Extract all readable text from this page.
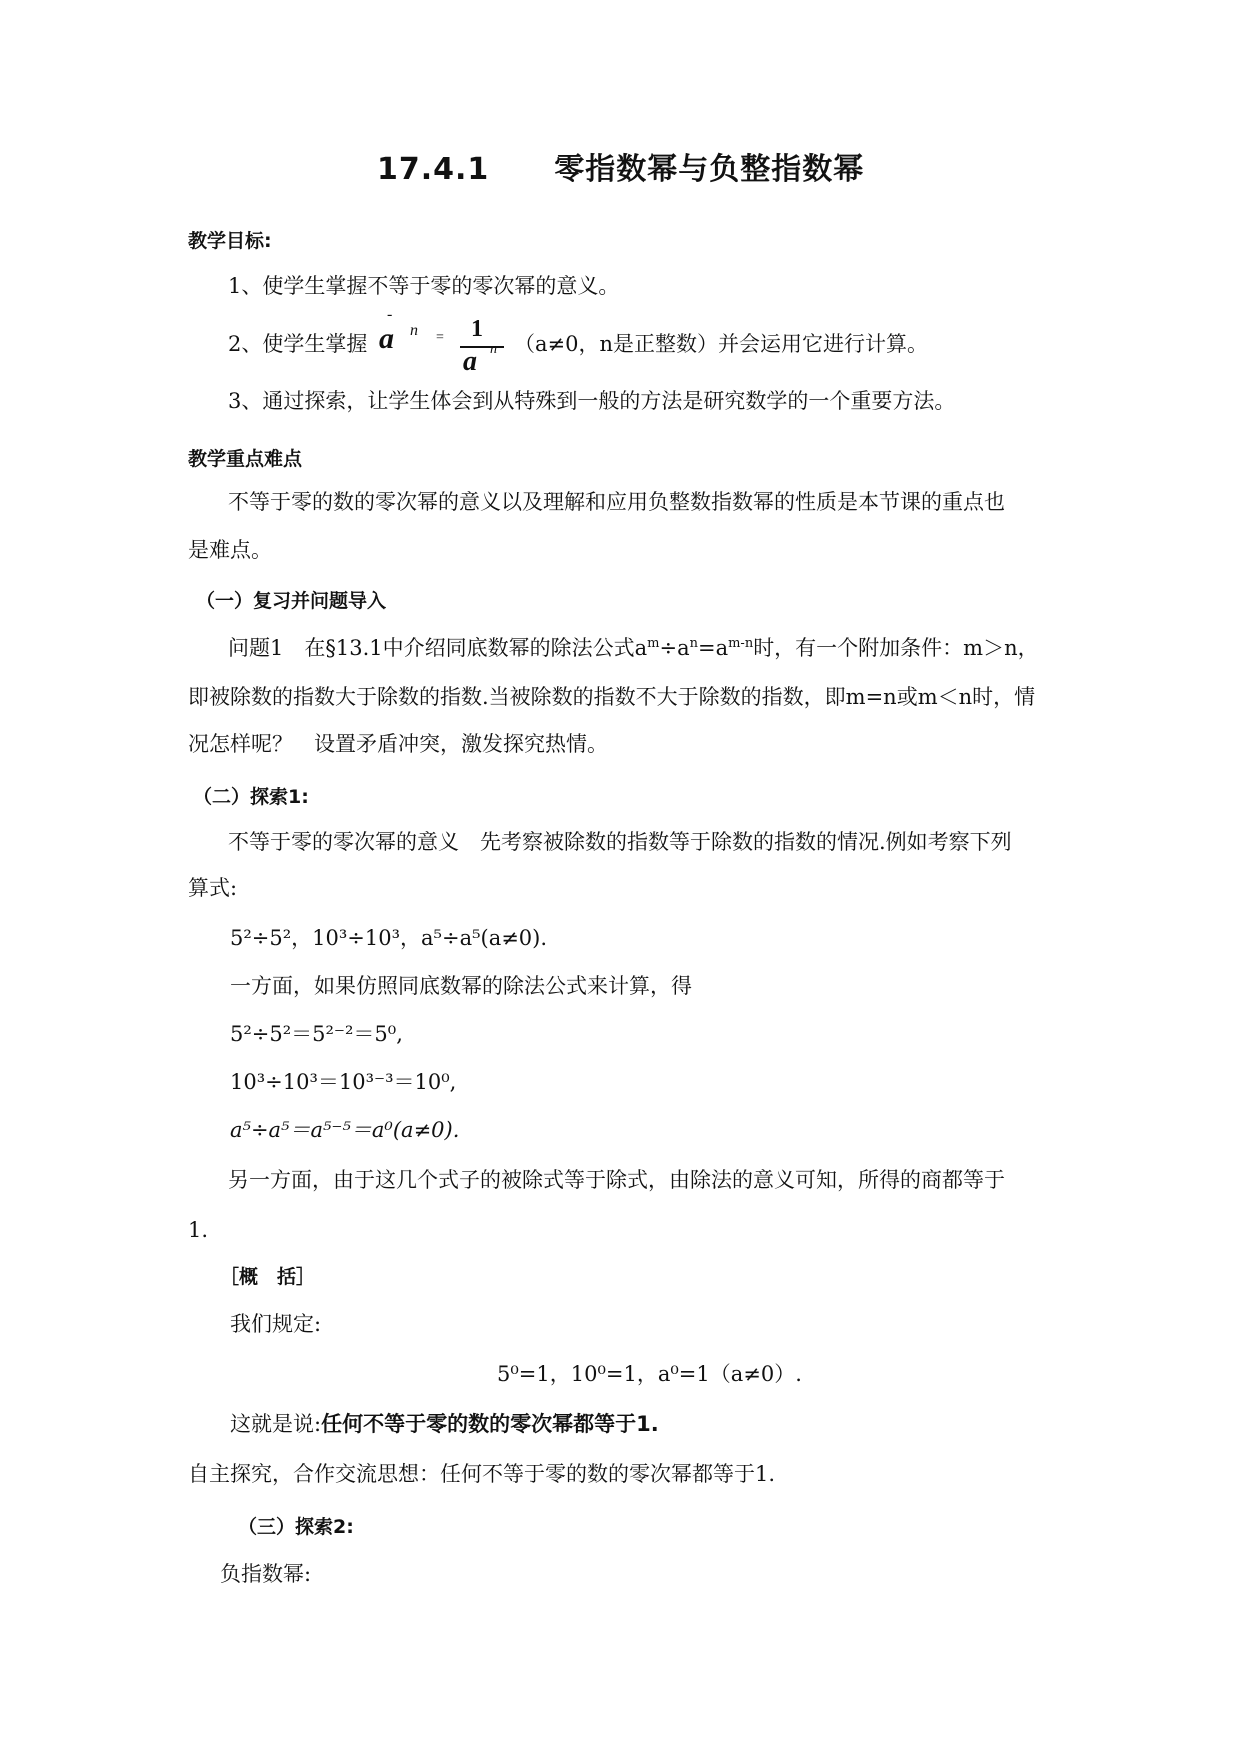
17.4.1 零指数幂与负整指数幂
教学目标:
1、使学生掌握不等于零的零次幂的意义。
2、使学生掌握 a
-
n = 1
a n （a≠0，n是正整数）并会运用它进行计算。
3、通过探索，让学生体会到从特殊到一般的方法是研究数学的一个重要方法。
教学重点难点
不等于零的数的零次幂的意义以及理解和应用负整数指数幂的性质是本节课的重点也
是难点。
（一）复习并问题导入
问题1　在§13.1中介绍同底数幂的除法公式$a^m\div a^n=a^{m-n}$时，有一个附加条件：m＞n，
即被除数的指数大于除数的指数.当被除数的指数不大于除数的指数，即m=n或m＜n时，情
况怎样呢？　设置矛盾冲突，激发探究热情。
（二）探索1:
不等于零的零次幂的意义　先考察被除数的指数等于除数的指数的情况.例如考察下列
算式:
5²÷5²，10³÷10³，a⁵÷a⁵(a≠0).
一方面，如果仿照同底数幂的除法公式来计算，得
5²÷5²＝5²⁻²＝5⁰,
10³÷10³＝10³⁻³＝10⁰,
a⁵÷a⁵＝a⁵⁻⁵＝a⁰(a≠0).
另一方面，由于这几个式子的被除式等于除式，由除法的意义可知，所得的商都等于
1.
［概　括］
我们规定:
5⁰=1，10⁰=1，a⁰=1（a≠0）.
这就是说:任何不等于零的数的零次幂都等于1.
自主探究，合作交流思想：任何不等于零的数的零次幂都等于1.
（三）探索2:
负指数幂:
